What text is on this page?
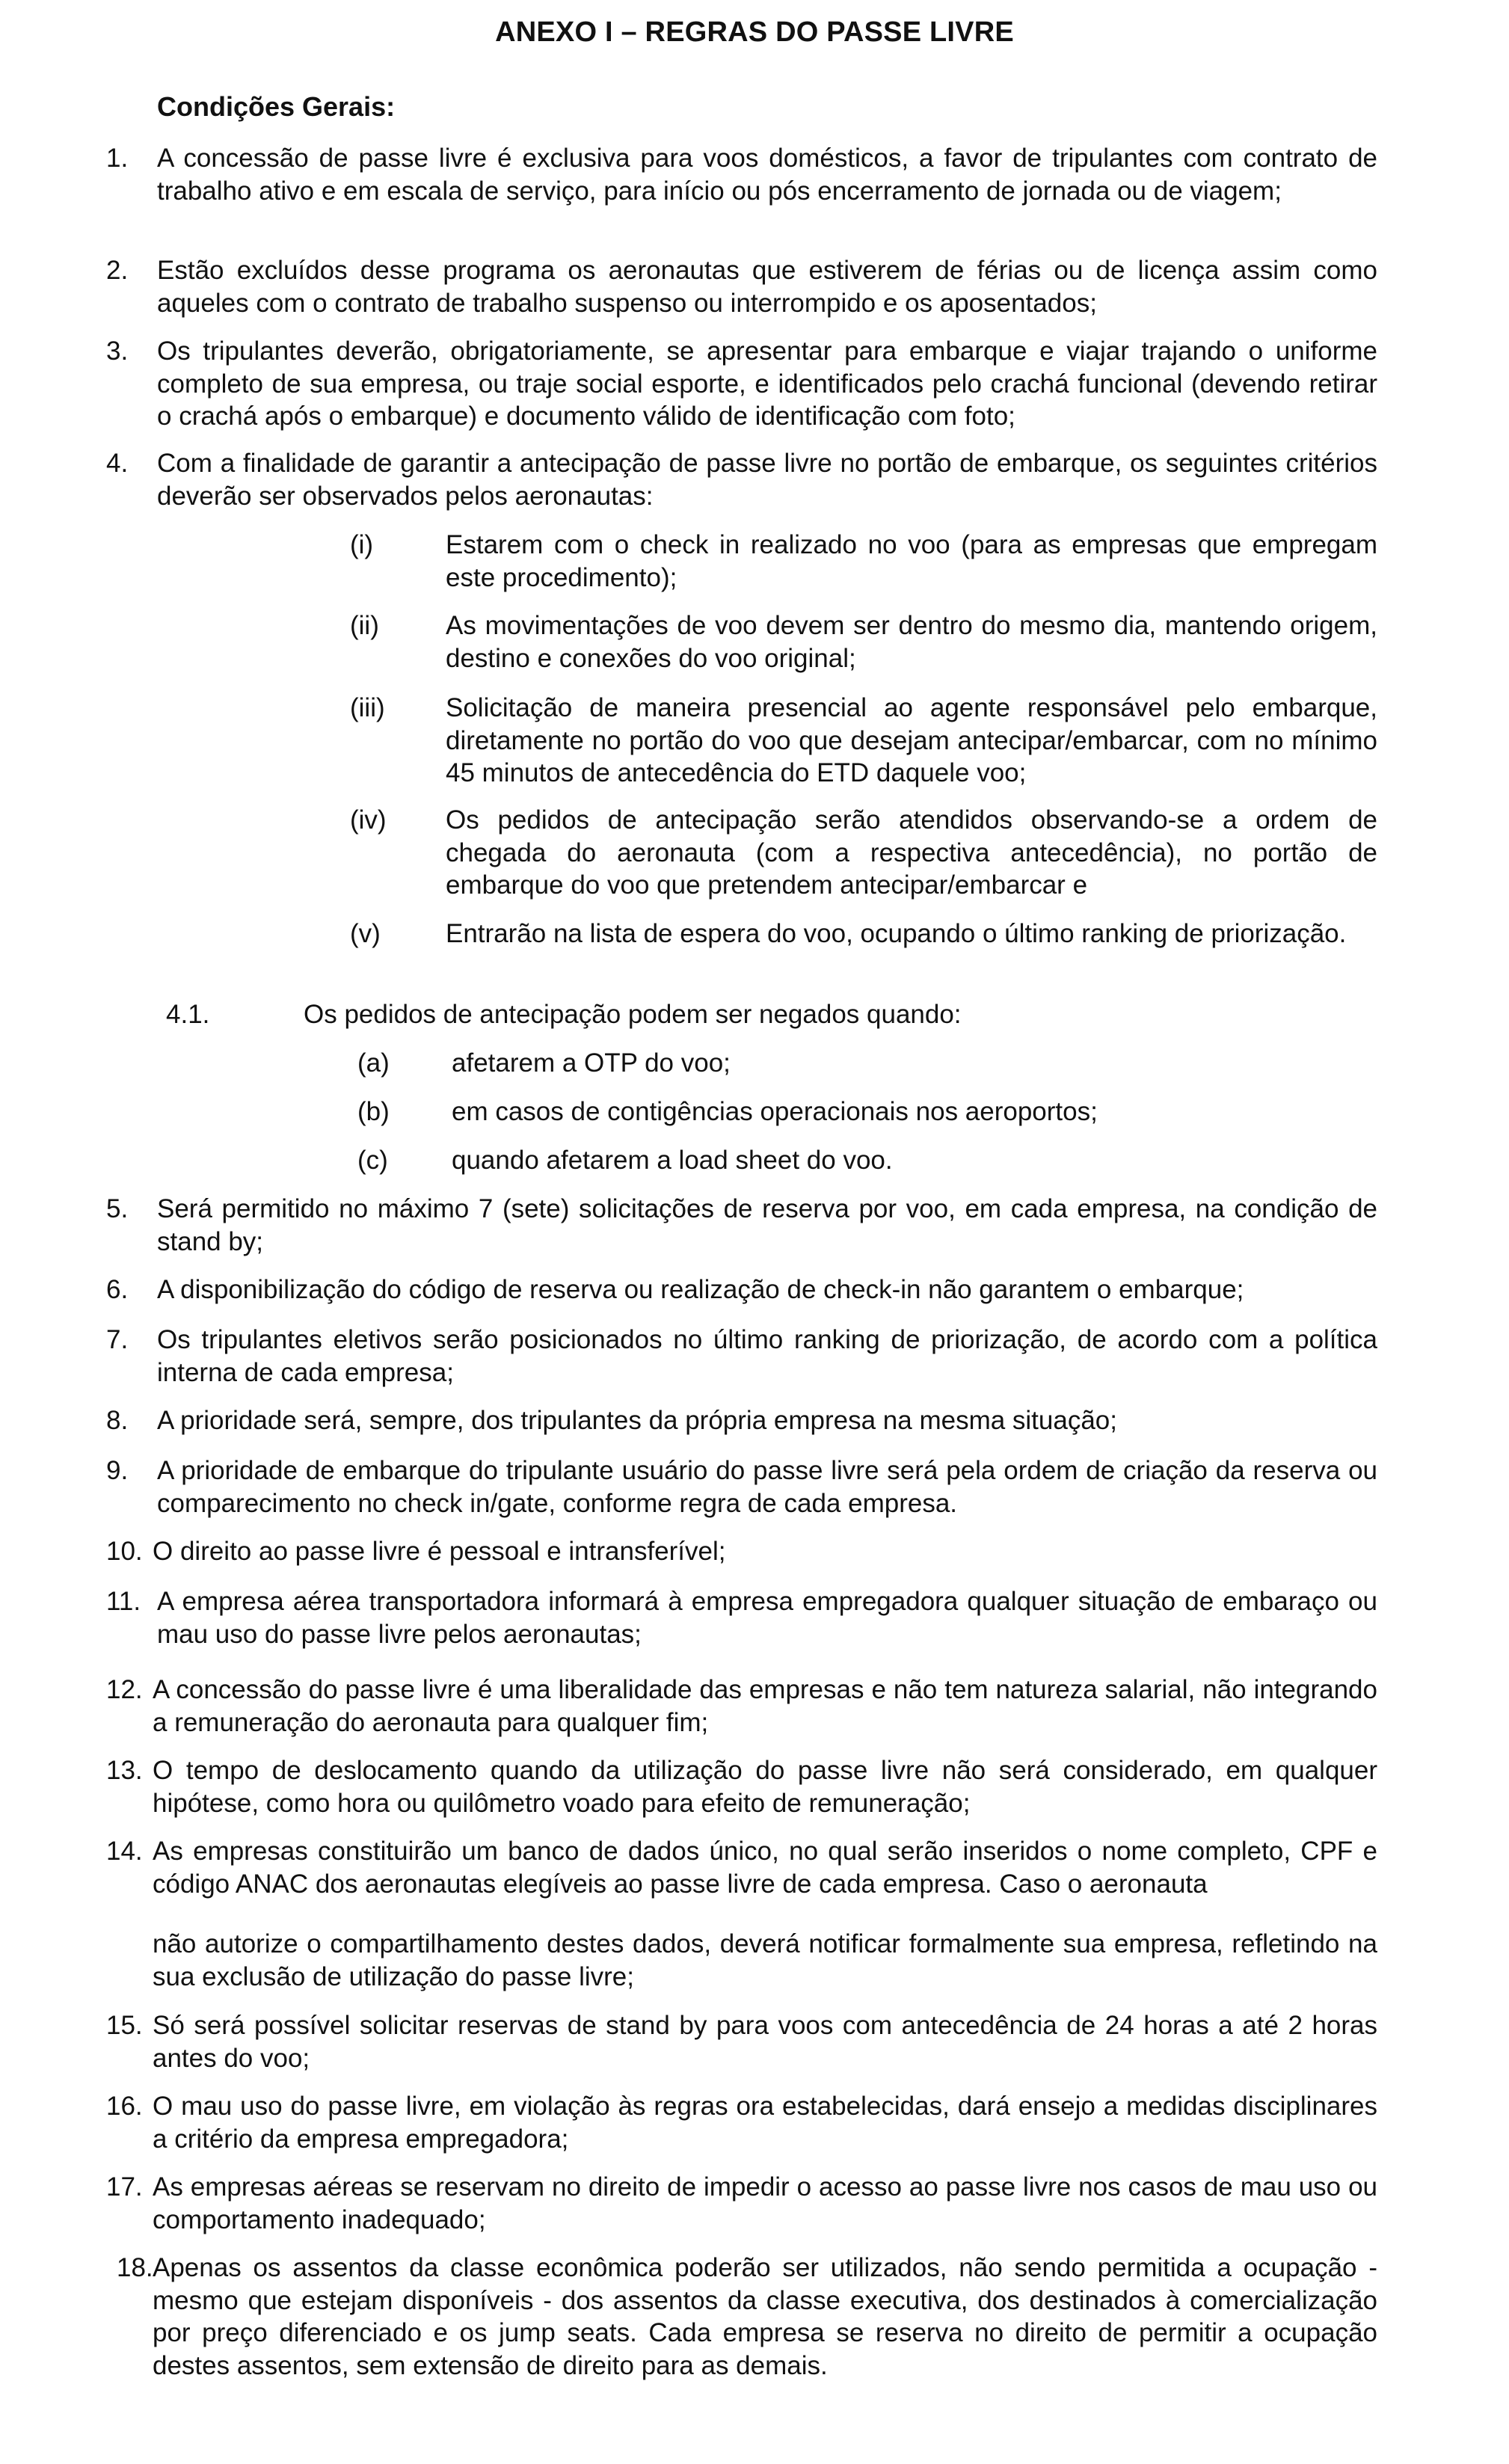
ANEXO I – REGRAS DO PASSE LIVRE
Condições Gerais:
1. A concessão de passe livre é exclusiva para voos domésticos, a favor de tripulantes com contrato de trabalho ativo e em escala de serviço, para início ou pós encerramento de jornada ou de viagem;
2. Estão excluídos desse programa os aeronautas que estiverem de férias ou de licença assim como aqueles com o contrato de trabalho suspenso ou interrompido e os aposentados;
3. Os tripulantes deverão, obrigatoriamente, se apresentar para embarque e viajar trajando o uniforme completo de sua empresa, ou traje social esporte, e identificados pelo crachá funcional (devendo retirar o crachá após o embarque) e documento válido de identificação com foto;
4. Com a finalidade de garantir a antecipação de passe livre no portão de embarque, os seguintes critérios deverão ser observados pelos aeronautas:
(i)	Estarem com o check in realizado no voo (para as empresas que empregam este procedimento);
(ii)	As movimentações de voo devem ser dentro do mesmo dia, mantendo origem, destino e conexões do voo original;
(iii) Solicitação de maneira presencial ao agente responsável pelo embarque, diretamente no portão do voo que desejam antecipar/embarcar, com no mínimo 45 minutos de antecedência do ETD daquele voo;
(iv) Os pedidos de antecipação serão atendidos observando-se a ordem de chegada do aeronauta (com a respectiva antecedência), no portão de embarque do voo que pretendem antecipar/embarcar e
(v) Entrarão na lista de espera do voo, ocupando o último ranking de priorização.
4.1.	Os pedidos de antecipação podem ser negados quando:
(a) afetarem a OTP do voo;
(b) em casos de contigências operacionais nos aeroportos;
(c) quando afetarem a load sheet do voo.
5. Será permitido no máximo 7 (sete) solicitações de reserva por voo, em cada empresa, na condição de stand by;
6. A disponibilização do código de reserva ou realização de check-in não garantem o embarque;
7. Os tripulantes eletivos serão posicionados no último ranking de priorização, de acordo com a política interna de cada empresa;
8. A prioridade será, sempre, dos tripulantes da própria empresa na mesma situação;
9. A prioridade de embarque do tripulante usuário do passe livre será pela ordem de criação da reserva ou comparecimento no check in/gate, conforme regra de cada empresa.
10. O direito ao passe livre é pessoal e intransferível;
11. A empresa aérea transportadora informará à empresa empregadora qualquer situação de embaraço ou mau uso do passe livre pelos aeronautas;
12. A concessão do passe livre é uma liberalidade das empresas e não tem natureza salarial, não integrando a remuneração do aeronauta para qualquer fim;
13. O tempo de deslocamento quando da utilização do passe livre não será considerado, em qualquer hipótese, como hora ou quilômetro voado para efeito de remuneração;
14. As empresas constituirão um banco de dados único, no qual serão inseridos o nome completo, CPF e código ANAC dos aeronautas elegíveis ao passe livre de cada empresa. Caso o aeronauta
não autorize o compartilhamento destes dados, deverá notificar formalmente sua empresa, refletindo na sua exclusão de utilização do passe livre;
15. Só será possível solicitar reservas de stand by para voos com antecedência de 24 horas a até 2 horas antes do voo;
16. O mau uso do passe livre, em violação às regras ora estabelecidas, dará ensejo a medidas disciplinares a critério da empresa empregadora;
17. As empresas aéreas se reservam no direito de impedir o acesso ao passe livre nos casos de mau uso ou comportamento inadequado;
18. Apenas os assentos da classe econômica poderão ser utilizados, não sendo permitida a ocupação - mesmo que estejam disponíveis - dos assentos da classe executiva, dos destinados à comercialização por preço diferenciado e os jump seats. Cada empresa se reserva no direito de permitir a ocupação destes assentos, sem extensão de direito para as demais.
